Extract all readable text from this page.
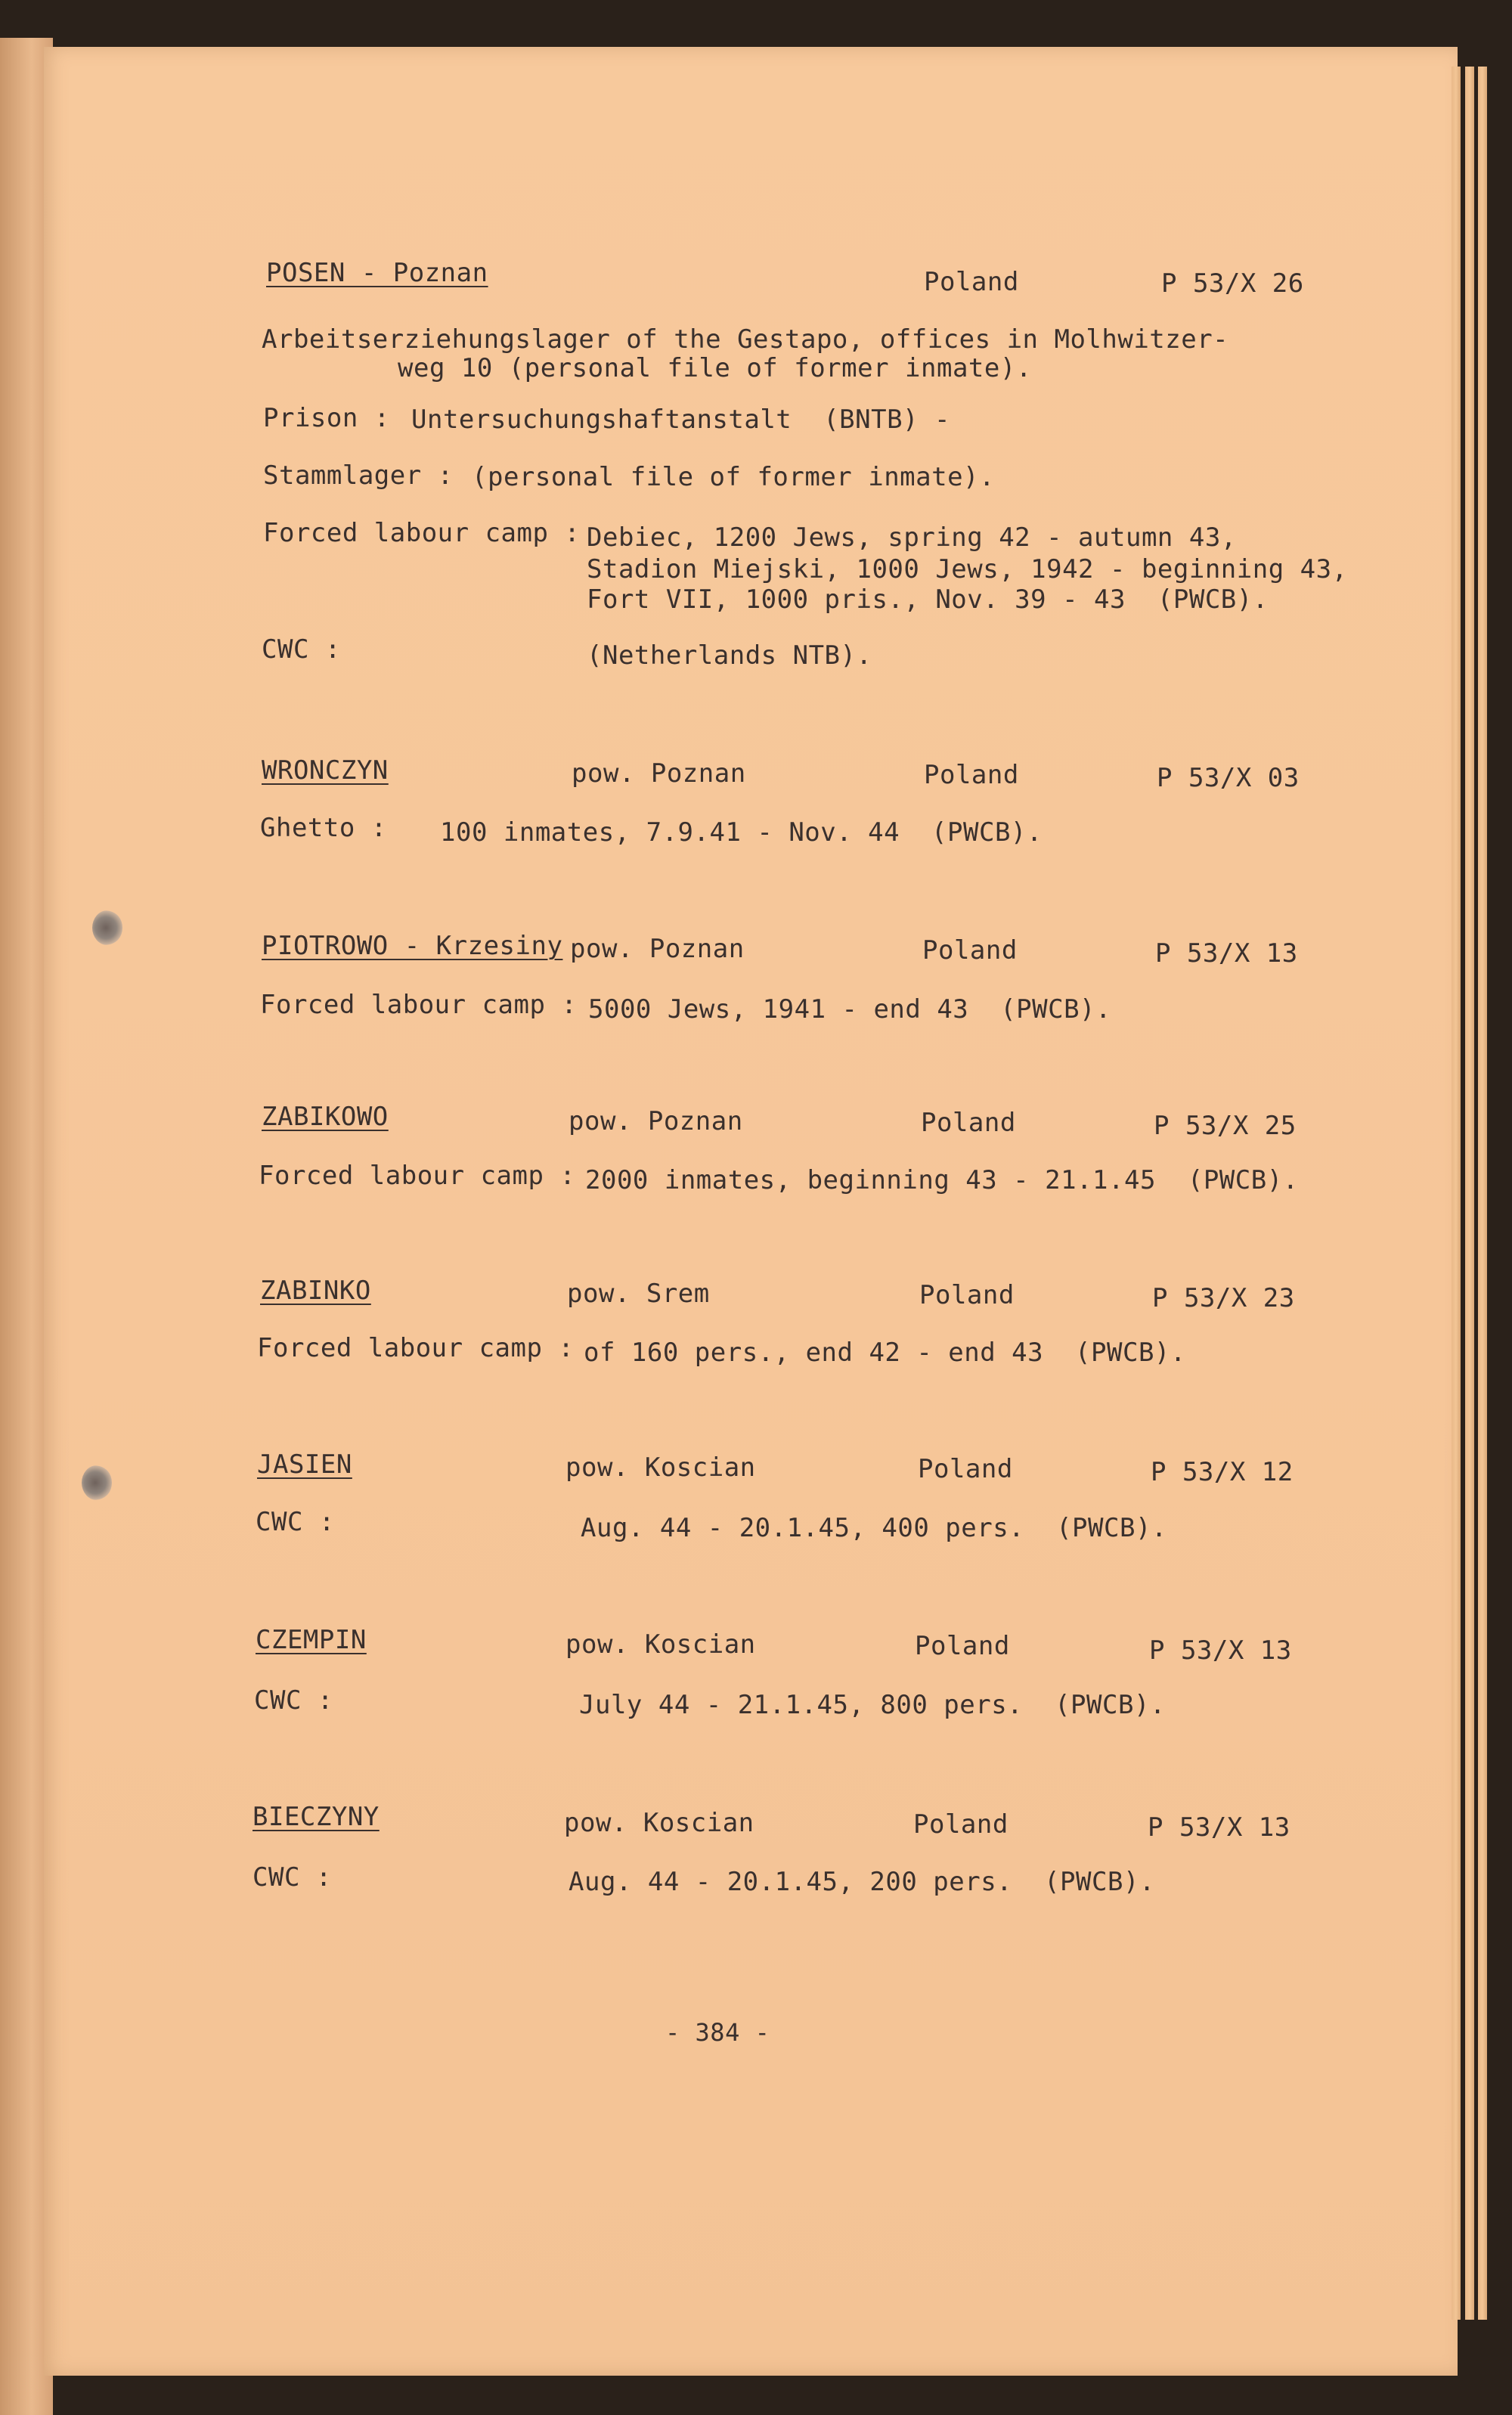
POSEN - Poznan	Poland	P 53/X 26
Arbeitserziehungslager of the Gestapo, offices in Molhwitzer-
weg 10 (personal file of former inmate).
Prison : Untersuchungshaftanstalt  (BNTB) -
Stammlager : (personal file of former inmate).
Forced labour camp : Debiec, 1200 Jews, spring 42 - autumn 43,
Stadion Miejski, 1000 Jews, 1942 - beginning 43,
Fort VII, 1000 pris., Nov. 39 - 43  (PWCB).
CWC :	(Netherlands NTB).
WRONCZYN	pow. Poznan	Poland	P 53/X 03
Ghetto : 100 inmates, 7.9.41 - Nov. 44  (PWCB).
PIOTROWO - Krzesiny pow. Poznan	Poland	P 53/X 13
Forced labour camp : 5000 Jews, 1941 - end 43  (PWCB).
ZABIKOWO	pow. Poznan	Poland	P 53/X 25
Forced labour camp : 2000 inmates, beginning 43 - 21.1.45  (PWCB).
ZABINKO	pow. Srem	Poland	P 53/X 23
Forced labour camp : of 160 pers., end 42 - end 43  (PWCB).
JASIEN	pow. Koscian	Poland	P 53/X 12
CWC :	Aug. 44 - 20.1.45, 400 pers.  (PWCB).
CZEMPIN	pow. Koscian	Poland	P 53/X 13
CWC :	July 44 - 21.1.45, 800 pers.  (PWCB).
BIECZYNY	pow. Koscian	Poland	P 53/X 13
CWC :	Aug. 44 - 20.1.45, 200 pers.  (PWCB).
- 384 -
